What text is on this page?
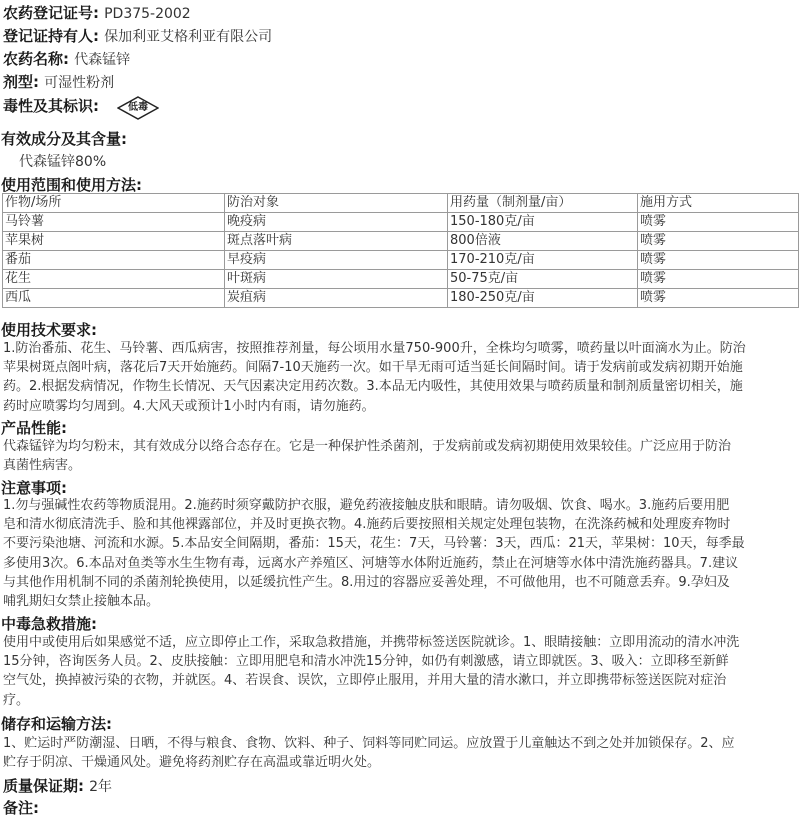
农药登记证号: PD375-2002
登记证持有人: 保加利亚艾格利亚有限公司
农药名称: 代森锰锌
剂型: 可湿性粉剂
毒性及其标识:	低毒
有效成分及其含量:
代森锰锌80%
使用范围和使用方法:
作物/场所	防治对象	用药量（制剂量/亩）	施用方式
马铃薯	晚疫病	150-180克/亩	喷雾
苹果树	斑点落叶病	800倍液	喷雾
番茄	早疫病	170-210克/亩	喷雾
花生	叶斑病	50-75克/亩	喷雾
西瓜	炭疽病	180-250克/亩	喷雾
使用技术要求:
1.防治番茄、花生、马铃薯、西瓜病害，按照推荐剂量，每公顷用水量750-900升，全株均匀喷雾，喷药量以叶面滴水为止。防治
苹果树斑点阁叶病，落花后7天开始施药。间隔7-10天施药一次。如干旱无雨可适当延长间隔时间。请于发病前或发病初期开始施
药。2.根据发病情况，作物生长情况、天气因素决定用药次数。3.本品无内吸性，其使用效果与喷药质量和制剂质量密切相关，施
药时应喷雾均匀周到。4.大风天或预计1小时内有雨，请勿施药。
产品性能:
代森锰锌为均匀粉末，其有效成分以络合态存在。它是一种保护性杀菌剂，于发病前或发病初期使用效果较佳。广泛应用于防治
真菌性病害。
注意事项:
1.勿与强碱性农药等物质混用。2.施药时须穿戴防护衣服，避免药液接触皮肤和眼睛。请勿吸烟、饮食、喝水。3.施药后要用肥
皂和清水彻底清洗手、脸和其他裸露部位，并及时更换衣物。4.施药后要按照相关规定处理包装物，在洗涤药械和处理废弃物时
不要污染池塘、河流和水源。5.本品安全间隔期，番茄：15天，花生：7天，马铃薯：3天，西瓜：21天，苹果树：10天，每季最
多使用3次。6.本品对鱼类等水生生物有毒，远离水产养殖区、河塘等水体附近施药，禁止在河塘等水体中清洗施药器具。7.建议
与其他作用机制不同的杀菌剂轮换使用，以延缓抗性产生。8.用过的容器应妥善处理，不可做他用，也不可随意丢弃。9.孕妇及
哺乳期妇女禁止接触本品。
中毒急救措施:
使用中或使用后如果感觉不适，应立即停止工作，采取急救措施，并携带标签送医院就诊。1、眼睛接触：立即用流动的清水冲洗
15分钟，咨询医务人员。2、皮肤接触：立即用肥皂和清水冲洗15分钟，如仍有刺激感，请立即就医。3、吸入：立即移至新鲜
空气处，换掉被污染的衣物，并就医。4、若误食、误饮，立即停止服用，并用大量的清水漱口，并立即携带标签送医院对症治
疗。
储存和运输方法:
1、贮运时严防潮湿、日晒，不得与粮食、食物、饮料、种子、饲料等同贮同运。应放置于儿童触达不到之处并加锁保存。2、应
贮存于阴凉、干燥通风处。避免将药剂贮存在高温或靠近明火处。
质量保证期: 2年
备注:
